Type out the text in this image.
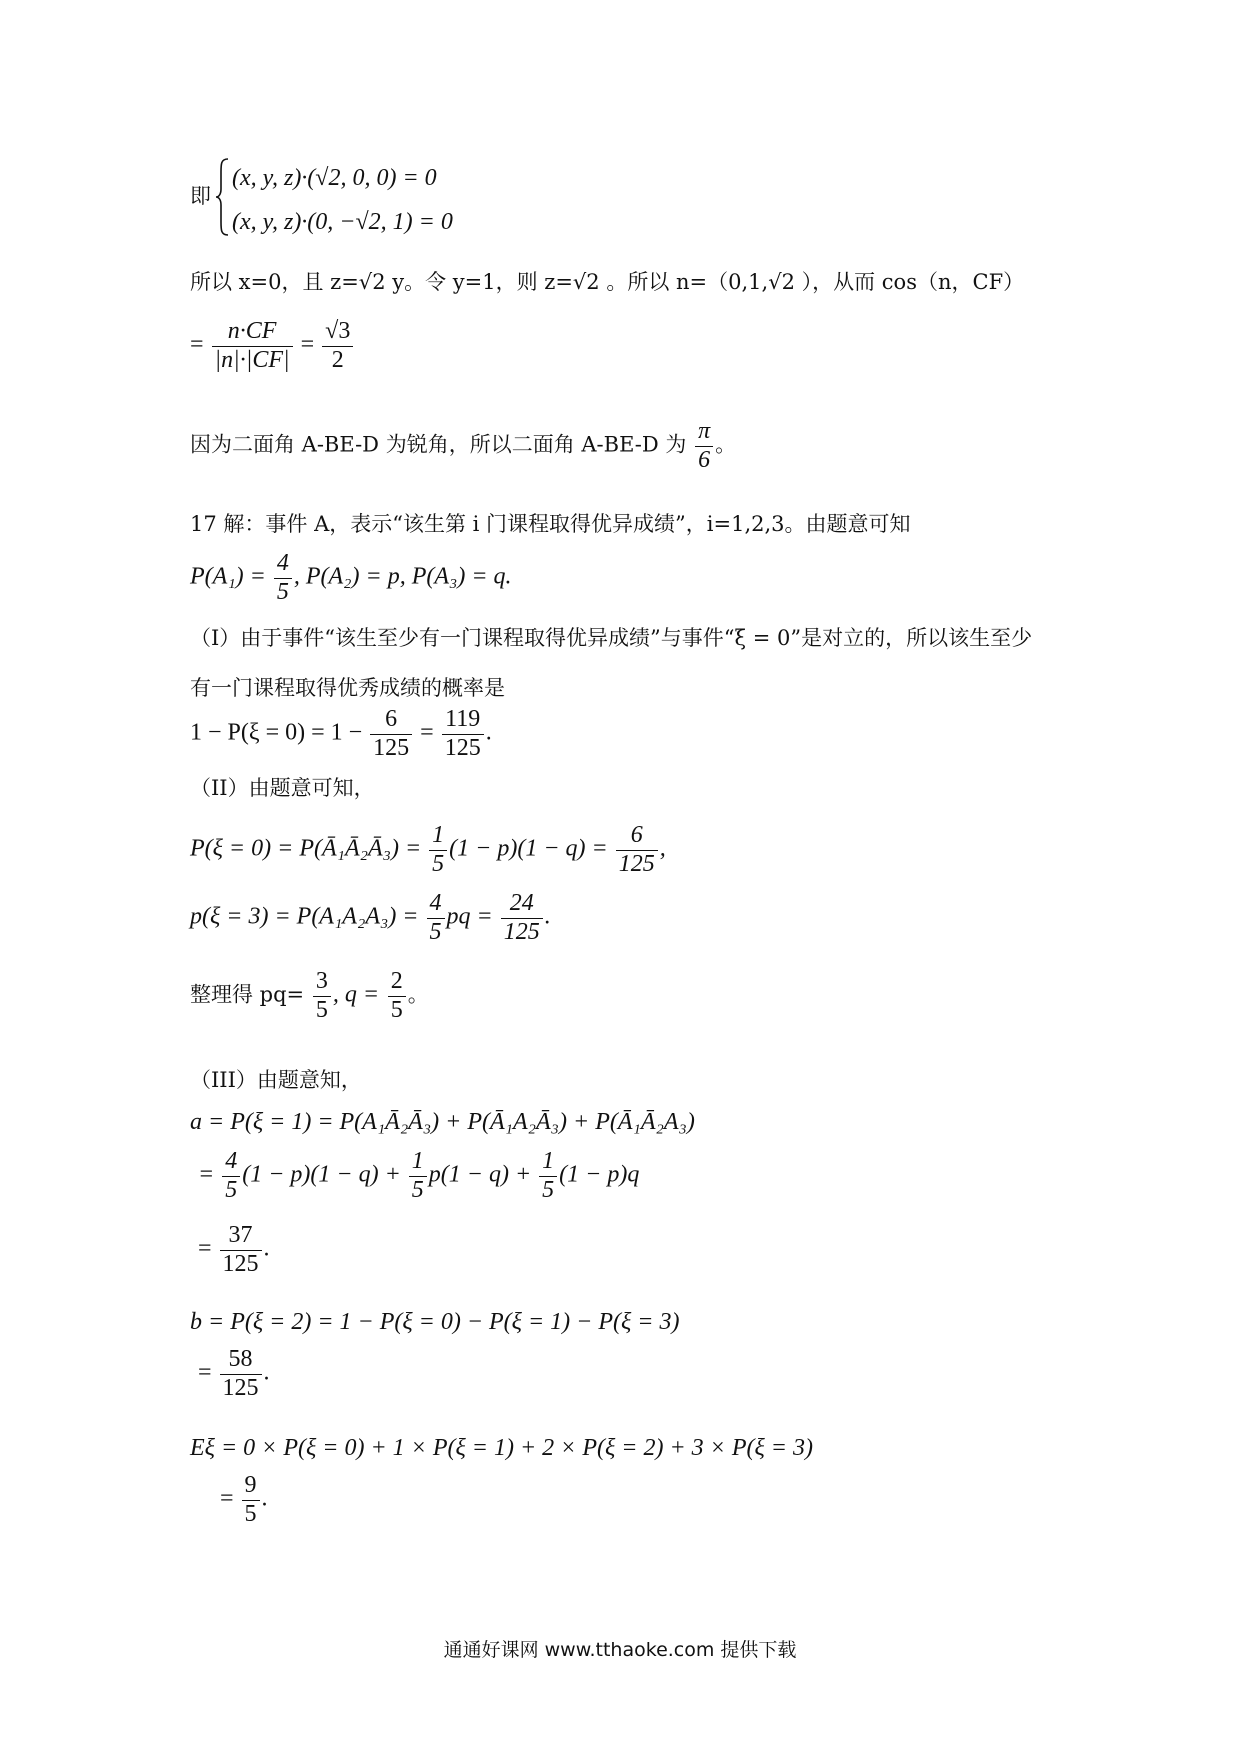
即
(x, y, z)·(√2, 0, 0) = 0
(x, y, z)·(0, −√2, 1) = 0
所以 x=0，且 z=√2 y。令 y=1，则 z=√2 。所以 n=（0,1,√2 ），从而 cos（n，CF）
= $\frac{n\cdot CF}{|n|\cdot|CF|} = \frac{√3}{2}$
因为二面角 A-BE-D 为锐角，所以二面角 A-BE-D 为 $\frac{\pi}{6}$ 。
17 解：事件 A，表示“该生第 i 门课程取得优异成绩”，i=1,2,3。由题意可知
$P(A_1) = \frac{4}{5}$ , P(A₂) = p, P(A₃) = q.
（I）由于事件“该生至少有一门课程取得优异成绩”与事件“ξ = 0”是对立的，所以该生至少
有一门课程取得优秀成绩的概率是
$1 - P(\xi = 0) = 1 - \frac{6}{125} = \frac{119}{125}$ .
（II）由题意可知，
P(ξ = 0) = P(Ā₁Ā₂Ā₃) = $\frac{1}{5} (1 - p)(1 - q) = \frac{6}{125}$ ,
$p(\xi = 3) = P(A_1A_2A_3) = \frac{4}{5}$ pq = $\frac{24}{125}$ .
整理得 $pq= \frac{3}{5}$ , $q = \frac{2}{5}$ 。
（III）由题意知，
a = P(ξ = 1) = P(A₁Ā₂Ā₃) + P(Ā₁A₂Ā₃) + P(Ā₁Ā₂A₃)
= $\frac{4}{5} (1 - p)(1 - q) + \frac{1}{5} p(1 - q) + \frac{1}{5} (1 - p)q$
= $\frac{37}{125}$ .
b = P(ξ = 2) = 1 − P(ξ = 0) − P(ξ = 1) − P(ξ = 3)
= $\frac{58}{125}$ .
Eξ = 0 × P(ξ = 0) + 1 × P(ξ = 1) + 2 × P(ξ = 2) + 3 × P(ξ = 3)
= $\frac{9}{5}$ .
通通好课网 www.tthaoke.com 提供下载
